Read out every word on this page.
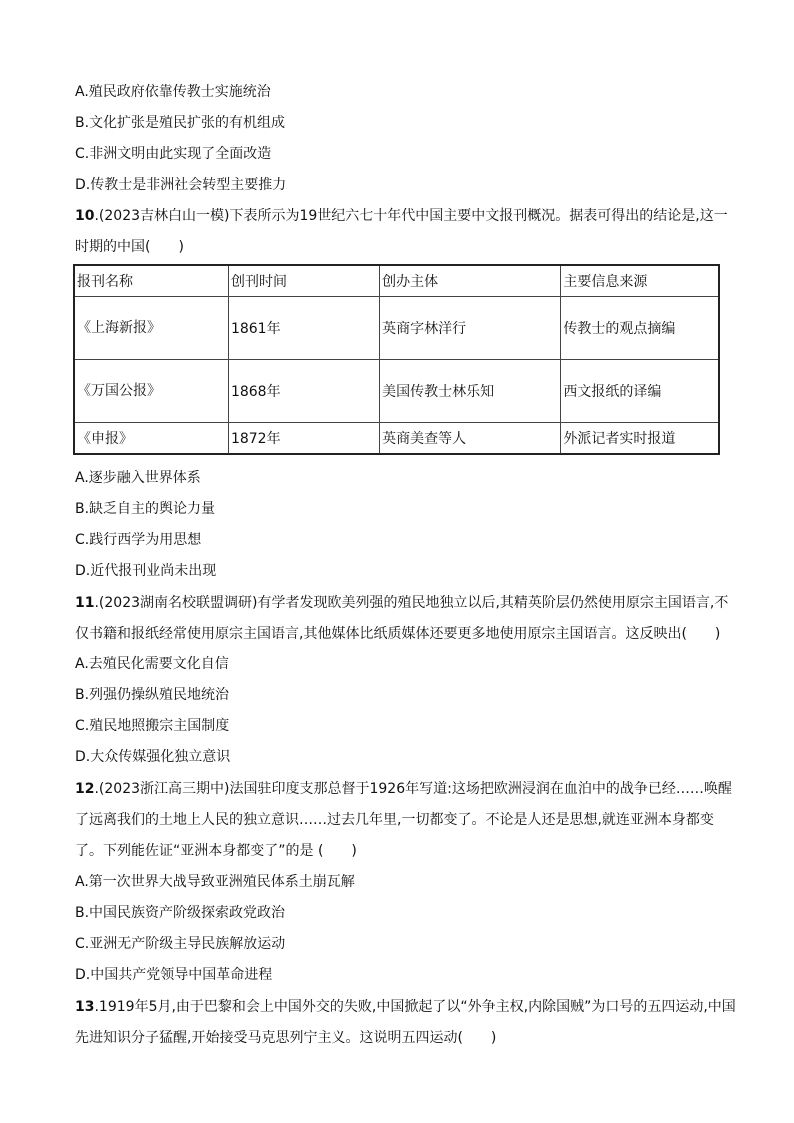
A.殖民政府依靠传教士实施统治
B.文化扩张是殖民扩张的有机组成
C.非洲文明由此实现了全面改造
D.传教士是非洲社会转型主要推力
10.(2023吉林白山一模)下表所示为19世纪六七十年代中国主要中文报刊概况。据表可得出的结论是,这一
时期的中国(　　)
报刊名称	创刊时间	创办主体	主要信息来源
《上海新报》	1861年	英商字林洋行	传教士的观点摘编
《万国公报》	1868年	美国传教士林乐知	西文报纸的译编
《申报》	1872年	英商美查等人	外派记者实时报道
A.逐步融入世界体系
B.缺乏自主的舆论力量
C.践行西学为用思想
D.近代报刊业尚未出现
11.(2023湖南名校联盟调研)有学者发现欧美列强的殖民地独立以后,其精英阶层仍然使用原宗主国语言,不
仅书籍和报纸经常使用原宗主国语言,其他媒体比纸质媒体还要更多地使用原宗主国语言。这反映出(　　)
A.去殖民化需要文化自信
B.列强仍操纵殖民地统治
C.殖民地照搬宗主国制度
D.大众传媒强化独立意识
12.(2023浙江高三期中)法国驻印度支那总督于1926年写道:这场把欧洲浸润在血泊中的战争已经……唤醒
了远离我们的土地上人民的独立意识……过去几年里,一切都变了。不论是人还是思想,就连亚洲本身都变
了。下列能佐证“亚洲本身都变了”的是 (　　)
A.第一次世界大战导致亚洲殖民体系土崩瓦解
B.中国民族资产阶级探索政党政治
C.亚洲无产阶级主导民族解放运动
D.中国共产党领导中国革命进程
13.1919年5月,由于巴黎和会上中国外交的失败,中国掀起了以“外争主权,内除国贼”为口号的五四运动,中国
先进知识分子猛醒,开始接受马克思列宁主义。这说明五四运动(　　)
